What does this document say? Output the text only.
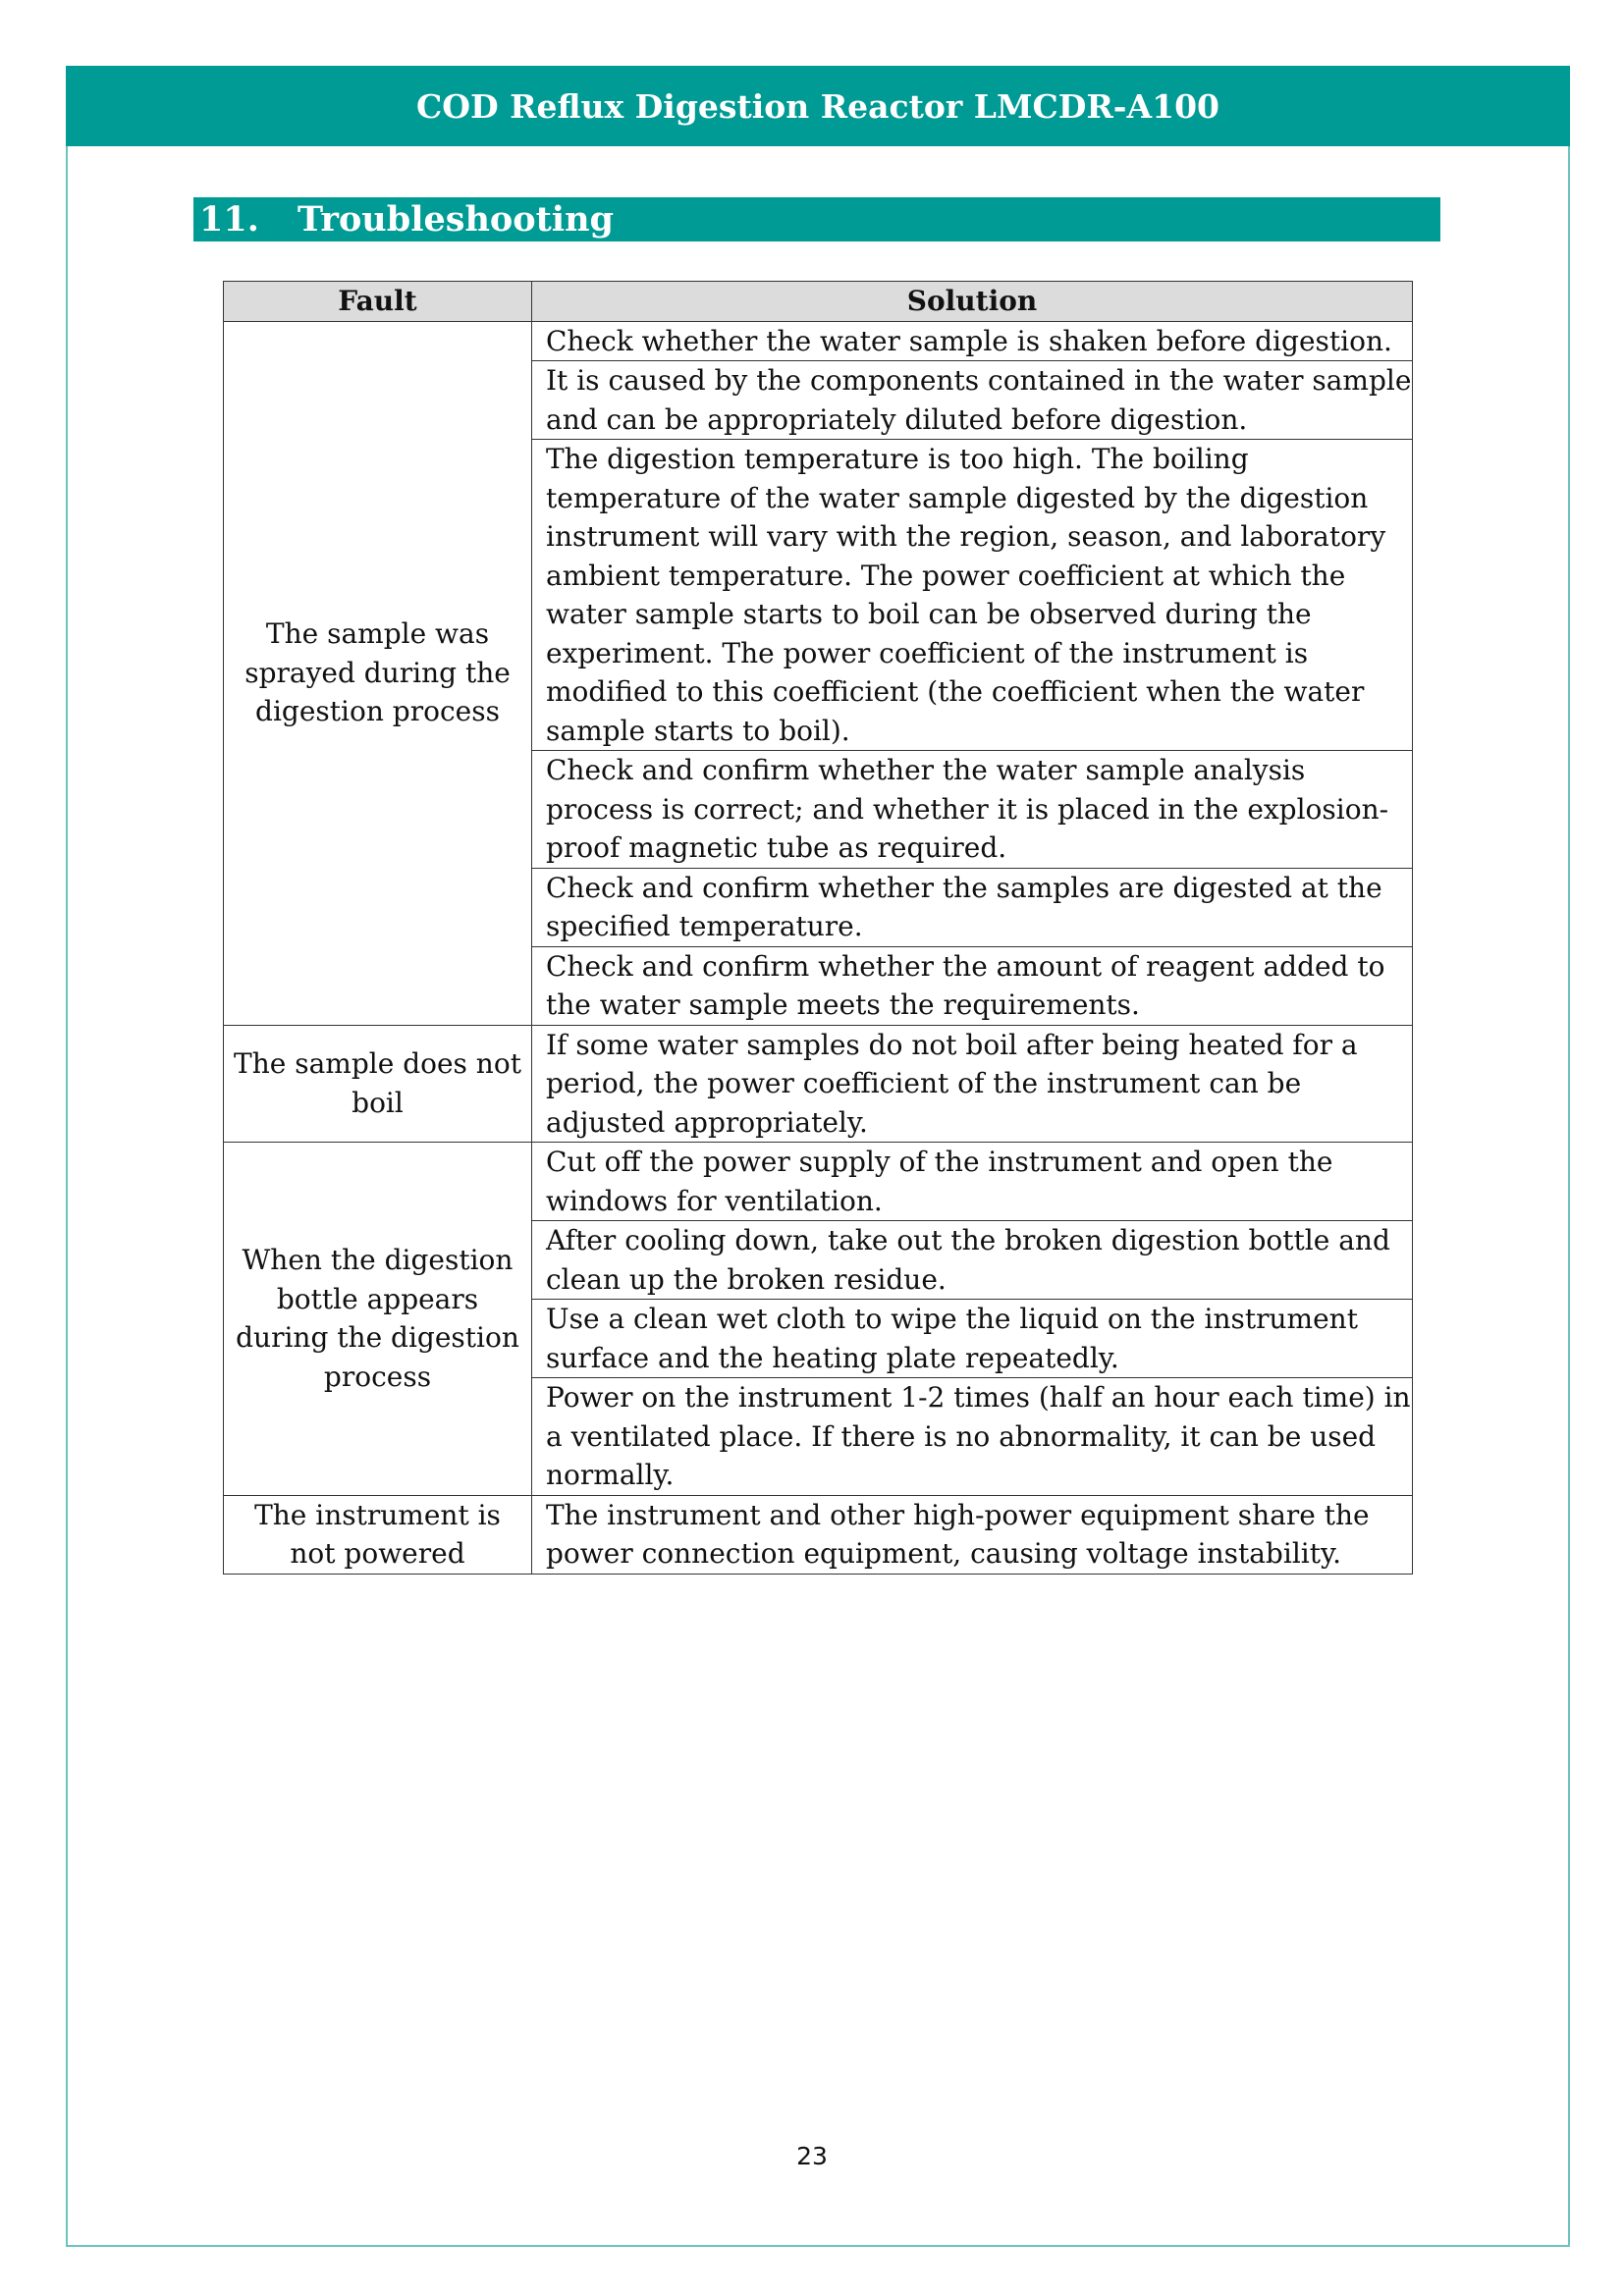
COD Reflux Digestion Reactor LMCDR-A100
11.	Troubleshooting
Fault	Solution
The sample was sprayed during the digestion process	Check whether the water sample is shaken before digestion.
	It is caused by the components contained in the water sample and can be appropriately diluted before digestion.
	The digestion temperature is too high. The boiling temperature of the water sample digested by the digestion instrument will vary with the region, season, and laboratory ambient temperature. The power coefficient at which the water sample starts to boil can be observed during the experiment. The power coefficient of the instrument is modified to this coefficient (the coefficient when the water sample starts to boil).
	Check and confirm whether the water sample analysis process is correct; and whether it is placed in the explosion-proof magnetic tube as required.
	Check and confirm whether the samples are digested at the specified temperature.
	Check and confirm whether the amount of reagent added to the water sample meets the requirements.
The sample does not boil	If some water samples do not boil after being heated for a period, the power coefficient of the instrument can be adjusted appropriately.
When the digestion bottle appears during the digestion process	Cut off the power supply of the instrument and open the windows for ventilation.
	After cooling down, take out the broken digestion bottle and clean up the broken residue.
	Use a clean wet cloth to wipe the liquid on the instrument surface and the heating plate repeatedly.
	Power on the instrument 1-2 times (half an hour each time) in a ventilated place. If there is no abnormality, it can be used normally.
The instrument is not powered	The instrument and other high-power equipment share the power connection equipment, causing voltage instability.
23
